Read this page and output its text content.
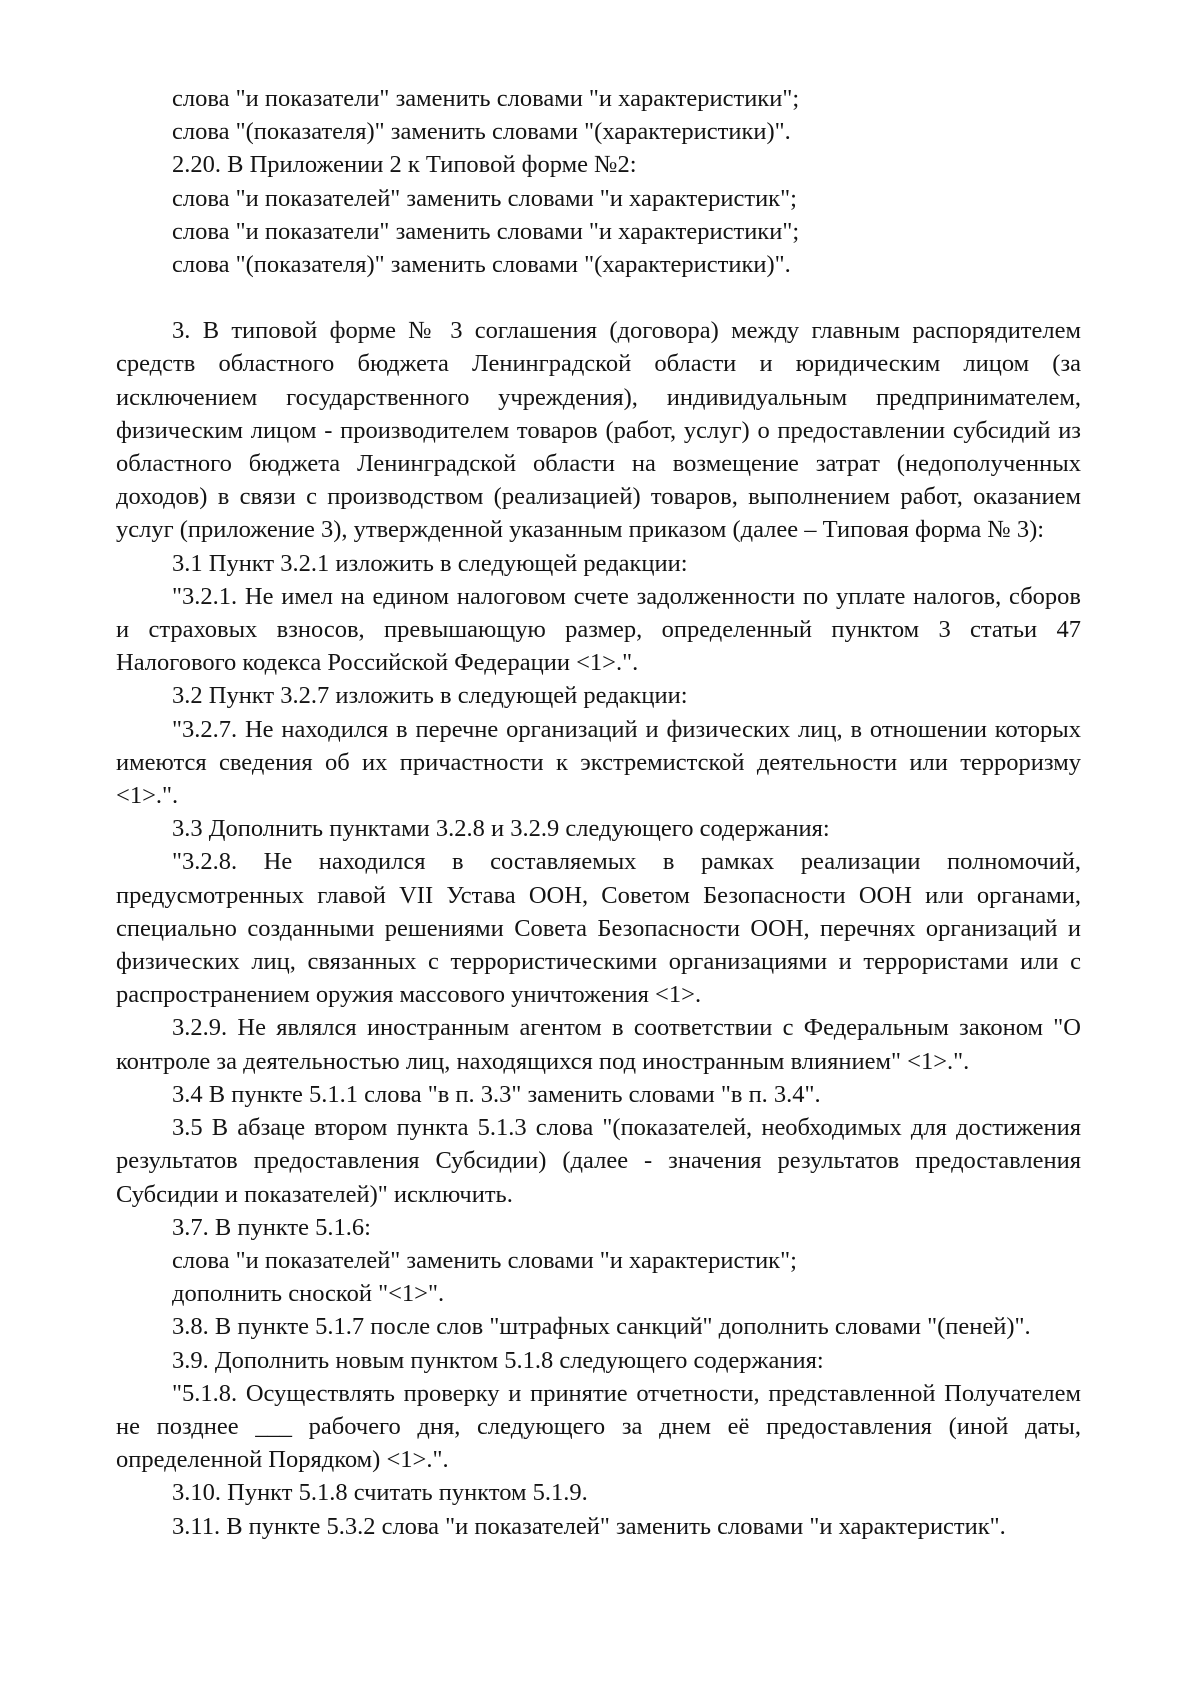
слова "и показатели" заменить словами "и характеристики";

слова "(показателя)" заменить словами "(характеристики)".

2.20. В Приложении 2 к Типовой форме №2:

слова "и показателей" заменить словами "и характеристик";

слова "и показатели" заменить словами "и характеристики";

слова "(показателя)" заменить словами "(характеристики)".

3. В типовой форме № 3 соглашения (договора) между главным распорядителем средств областного бюджета Ленинградской области и юридическим лицом (за исключением государственного учреждения), индивидуальным предпринимателем, физическим лицом - производителем товаров (работ, услуг) о предоставлении субсидий из областного бюджета Ленинградской области на возмещение затрат (недополученных доходов) в связи с производством (реализацией) товаров, выполнением работ, оказанием услуг (приложение 3), утвержденной указанным приказом (далее – Типовая форма № 3):

3.1 Пункт 3.2.1 изложить в следующей редакции:

"3.2.1. Не имел на едином налоговом счете задолженности по уплате налогов, сборов и страховых взносов, превышающую размер, определенный пунктом 3 статьи 47 Налогового кодекса Российской Федерации <1>.".

3.2 Пункт 3.2.7 изложить в следующей редакции:

"3.2.7. Не находился в перечне организаций и физических лиц, в отношении которых имеются сведения об их причастности к экстремистской деятельности или терроризму <1>.".

3.3 Дополнить пунктами 3.2.8 и 3.2.9 следующего содержания:

"3.2.8. Не находился в составляемых в рамках реализации полномочий, предусмотренных главой VII Устава ООН, Советом Безопасности ООН или органами, специально созданными решениями Совета Безопасности ООН, перечнях организаций и физических лиц, связанных с террористическими организациями и террористами или с распространением оружия массового уничтожения <1>.

3.2.9. Не являлся иностранным агентом в соответствии с Федеральным законом "О контроле за деятельностью лиц, находящихся под иностранным влиянием" <1>.".

3.4 В пункте 5.1.1 слова "в п. 3.3" заменить словами "в п. 3.4".

3.5 В абзаце втором пункта 5.1.3 слова "(показателей, необходимых для достижения результатов предоставления Субсидии) (далее - значения результатов предоставления Субсидии и показателей)" исключить.

3.7. В пункте 5.1.6:

слова "и показателей" заменить словами "и характеристик";

дополнить сноской "<1>".

3.8. В пункте 5.1.7 после слов "штрафных санкций" дополнить словами "(пеней)".

3.9. Дополнить новым пунктом 5.1.8 следующего содержания:

"5.1.8. Осуществлять проверку и принятие отчетности, представленной Получателем не позднее ___ рабочего дня, следующего за днем её предоставления (иной даты, определенной Порядком) <1>.".

3.10. Пункт 5.1.8 считать пунктом 5.1.9.

3.11. В пункте 5.3.2 слова "и показателей" заменить словами "и характеристик".
